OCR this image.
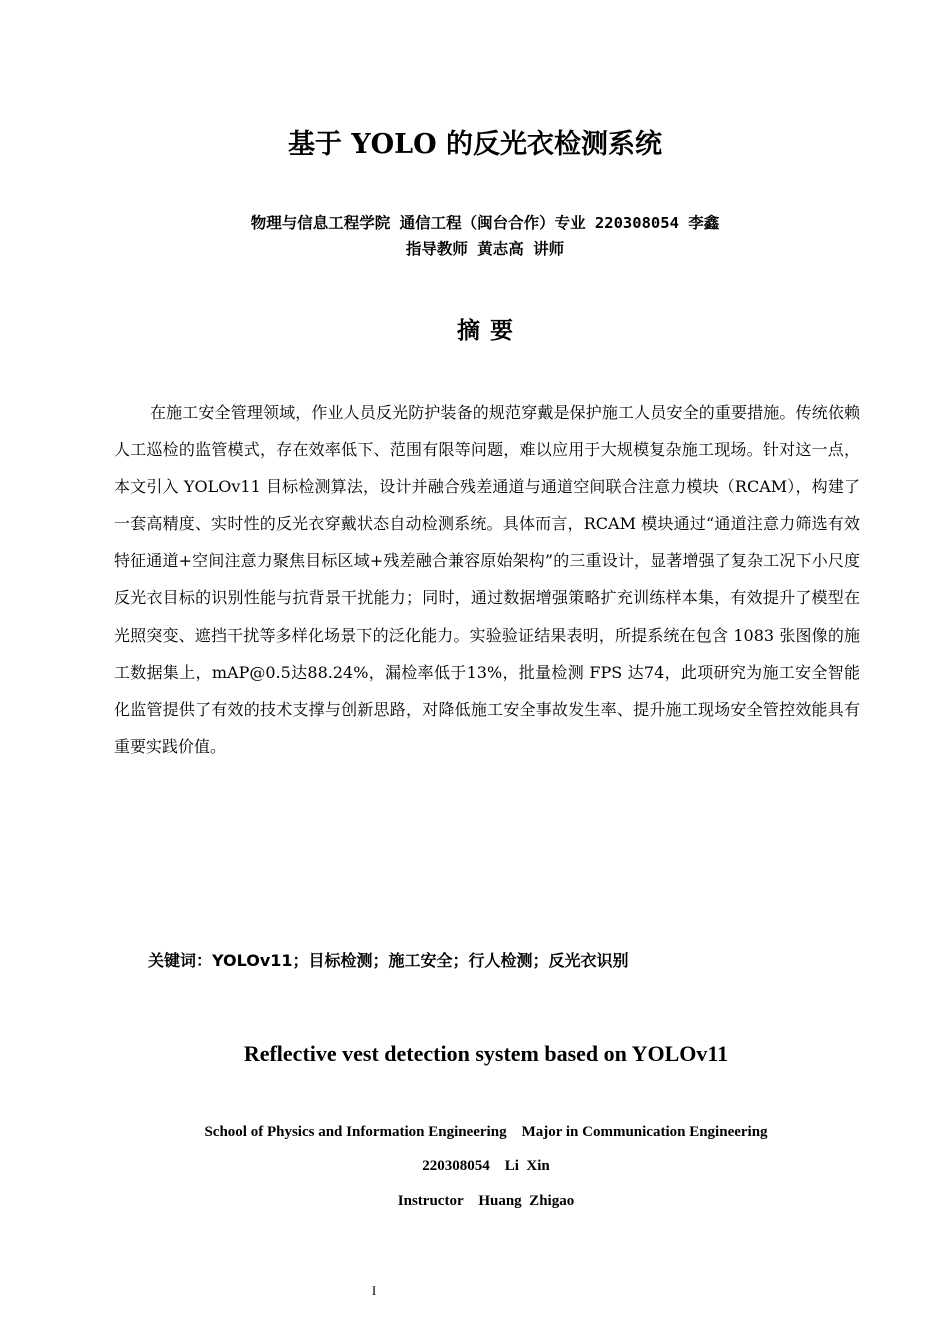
基于 YOLO 的反光衣检测系统
物理与信息工程学院 通信工程（闽台合作）专业 220308054 李鑫
指导教师 黄志高 讲师
摘要

在施工安全管理领域，作业人员反光防护装备的规范穿戴是保护施工人员安全的重要措施。传统依赖人工巡检的监管模式，存在效率低下、范围有限等问题，难以应用于大规模复杂施工现场。针对这一点，本文引入 YOLOv11 目标检测算法，设计并融合残差通道与通道空间联合注意力模块（RCAM），构建了一套高精度、实时性的反光衣穿戴状态自动检测系统。具体而言，RCAM 模块通过“通道注意力筛选有效特征通道+空间注意力聚焦目标区域+残差融合兼容原始架构”的三重设计，显著增强了复杂工况下小尺度反光衣目标的识别性能与抗背景干扰能力；同时，通过数据增强策略扩充训练样本集，有效提升了模型在光照突变、遮挡干扰等多样化场景下的泛化能力。实验验证结果表明，所提系统在包含 1083 张图像的施工数据集上，mAP@0.5达88.24%，漏检率低于13%，批量检测 FPS 达74，此项研究为施工安全智能化监管提供了有效的技术支撑与创新思路，对降低施工安全事故发生率、提升施工现场安全管控效能具有重要实践价值。

关键词：YOLOv11；目标检测；施工安全；行人检测；反光衣识别
Reflective vest detection system based on YOLOv11
School of Physics and Information Engineering    Major in Communication Engineering
220308054    Li  Xin
Instructor    Huang  Zhigao
I
